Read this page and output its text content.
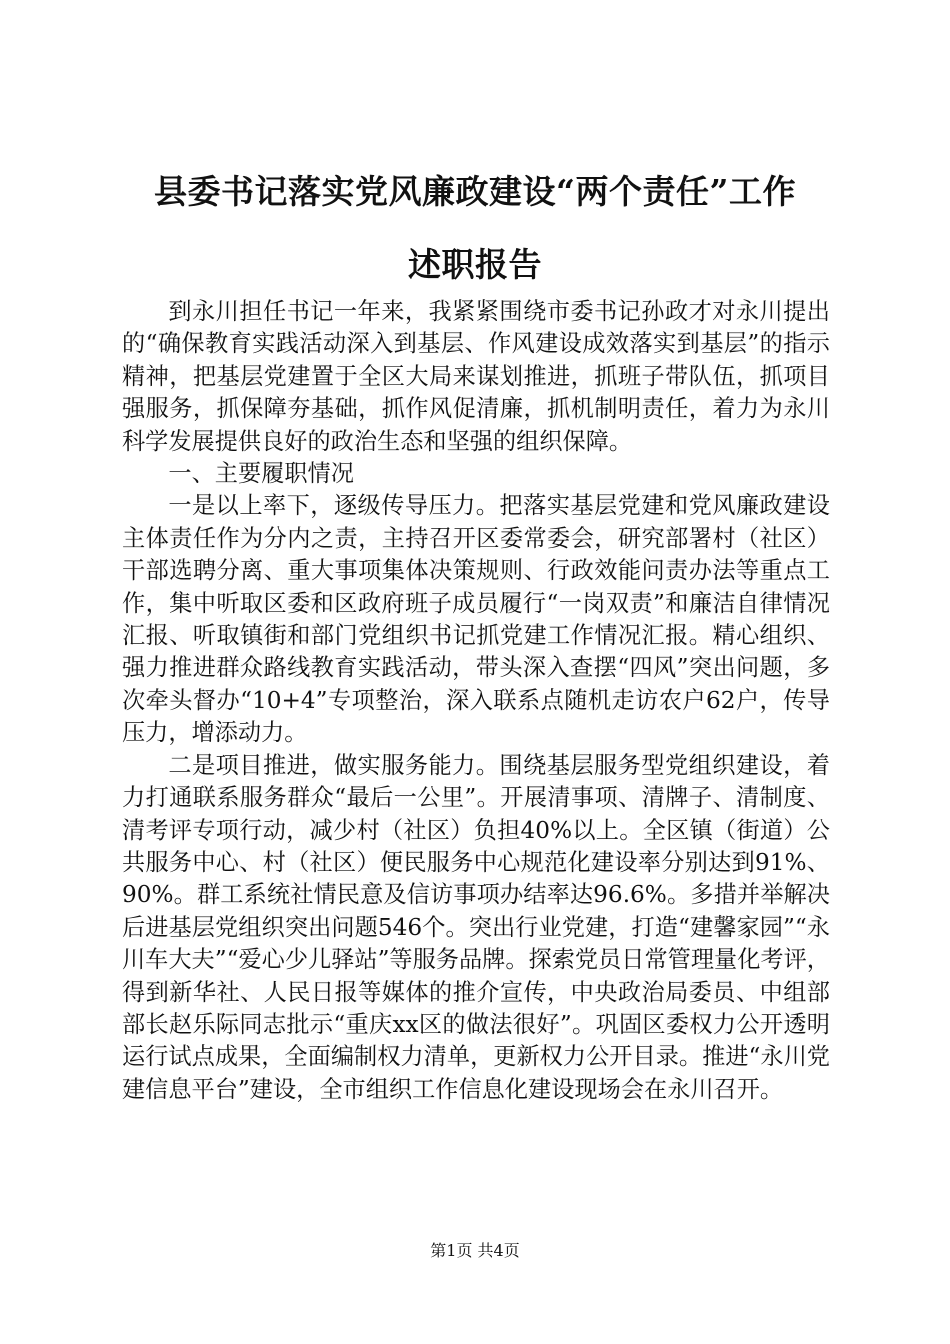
县委书记落实党风廉政建设“两个责任”工作
述职报告

到永川担任书记一年来，我紧紧围绕市委书记孙政才对永川提出的“确保教育实践活动深入到基层、作风建设成效落实到基层”的指示精神，把基层党建置于全区大局来谋划推进，抓班子带队伍，抓项目强服务，抓保障夯基础，抓作风促清廉，抓机制明责任，着力为永川科学发展提供良好的政治生态和坚强的组织保障。

一、主要履职情况

一是以上率下，逐级传导压力。把落实基层党建和党风廉政建设主体责任作为分内之责，主持召开区委常委会，研究部署村（社区）干部选聘分离、重大事项集体决策规则、行政效能问责办法等重点工作，集中听取区委和区政府班子成员履行“一岗双责”和廉洁自律情况汇报、听取镇街和部门党组织书记抓党建工作情况汇报。精心组织、强力推进群众路线教育实践活动，带头深入查摆“四风”突出问题，多次牵头督办“10+4”专项整治，深入联系点随机走访农户62户，传导压力，增添动力。

二是项目推进，做实服务能力。围绕基层服务型党组织建设，着力打通联系服务群众“最后一公里”。开展清事项、清牌子、清制度、清考评专项行动，减少村（社区）负担40%以上。全区镇（街道）公共服务中心、村（社区）便民服务中心规范化建设率分别达到91%、90%。群工系统社情民意及信访事项办结率达96.6%。多措并举解决后进基层党组织突出问题546个。突出行业党建，打造“建馨家园”“永川车大夫”“爱心少儿驿站”等服务品牌。探索党员日常管理量化考评，得到新华社、人民日报等媒体的推介宣传，中央政治局委员、中组部部长赵乐际同志批示“重庆xx区的做法很好”。巩固区委权力公开透明运行试点成果，全面编制权力清单，更新权力公开目录。推进“永川党建信息平台”建设，全市组织工作信息化建设现场会在永川召开。

第1页 共4页
